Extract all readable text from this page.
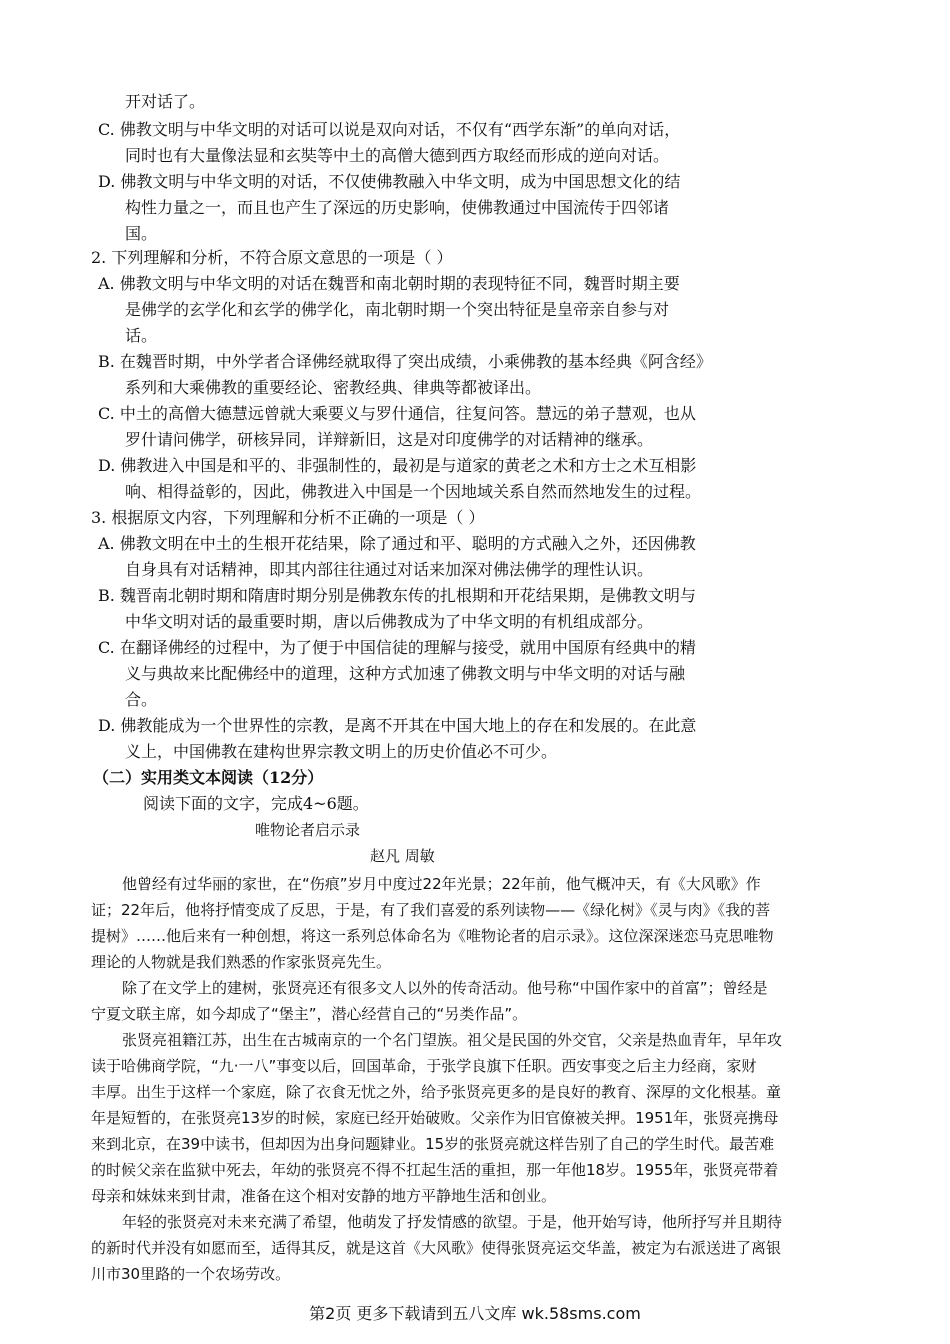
开对话了。
C. 佛教文明与中华文明的对话可以说是双向对话，不仅有“西学东渐”的单向对话，
同时也有大量像法显和玄奘等中土的高僧大德到西方取经而形成的逆向对话。
D. 佛教文明与中华文明的对话，不仅使佛教融入中华文明，成为中国思想文化的结
构性力量之一，而且也产生了深远的历史影响，使佛教通过中国流传于四邻诸
国。
2. 下列理解和分析，不符合原文意思的一项是（ ）
A. 佛教文明与中华文明的对话在魏晋和南北朝时期的表现特征不同，魏晋时期主要
是佛学的玄学化和玄学的佛学化，南北朝时期一个突出特征是皇帝亲自参与对
话。
B. 在魏晋时期，中外学者合译佛经就取得了突出成绩，小乘佛教的基本经典《阿含经》
系列和大乘佛教的重要经论、密教经典、律典等都被译出。
C. 中土的高僧大德慧远曾就大乘要义与罗什通信，往复问答。慧远的弟子慧观，也从
罗什请问佛学，研核异同，详辩新旧，这是对印度佛学的对话精神的继承。
D. 佛教进入中国是和平的、非强制性的，最初是与道家的黄老之术和方士之术互相影
响、相得益彰的，因此，佛教进入中国是一个因地域关系自然而然地发生的过程。
3. 根据原文内容，下列理解和分析不正确的一项是（ ）
A. 佛教文明在中土的生根开花结果，除了通过和平、聪明的方式融入之外，还因佛教
自身具有对话精神，即其内部往往通过对话来加深对佛法佛学的理性认识。
B. 魏晋南北朝时期和隋唐时期分别是佛教东传的扎根期和开花结果期，是佛教文明与
中华文明对话的最重要时期，唐以后佛教成为了中华文明的有机组成部分。
C. 在翻译佛经的过程中，为了便于中国信徒的理解与接受，就用中国原有经典中的精
义与典故来比配佛经中的道理，这种方式加速了佛教文明与中华文明的对话与融
合。
D. 佛教能成为一个世界性的宗教，是离不开其在中国大地上的存在和发展的。在此意
义上，中国佛教在建构世界宗教文明上的历史价值必不可少。
（二）实用类文本阅读（12分）
阅读下面的文字，完成4~6题。
唯物论者启示录
赵凡 周敏
他曾经有过华丽的家世，在“伤痕”岁月中度过22年光景；22年前，他气概冲天，有《大风歌》作
证；22年后，他将抒情变成了反思，于是，有了我们喜爱的系列读物——《绿化树》《灵与肉》《我的菩
提树》……他后来有一种创想，将这一系列总体命名为《唯物论者的启示录》。这位深深迷恋马克思唯物
理论的人物就是我们熟悉的作家张贤亮先生。
除了在文学上的建树，张贤亮还有很多文人以外的传奇活动。他号称“中国作家中的首富”；曾经是
宁夏文联主席，如今却成了“堡主”，潜心经营自己的“另类作品”。
张贤亮祖籍江苏，出生在古城南京的一个名门望族。祖父是民国的外交官，父亲是热血青年，早年攻
读于哈佛商学院，“九·一八”事变以后，回国革命，于张学良旗下任职。西安事变之后主力经商，家财
丰厚。出生于这样一个家庭，除了衣食无忧之外，给予张贤亮更多的是良好的教育、深厚的文化根基。童
年是短暂的，在张贤亮13岁的时候，家庭已经开始破败。父亲作为旧官僚被关押。1951年，张贤亮携母
来到北京，在39中读书，但却因为出身问题肄业。15岁的张贤亮就这样告别了自己的学生时代。最苦难
的时候父亲在监狱中死去，年幼的张贤亮不得不扛起生活的重担，那一年他18岁。1955年，张贤亮带着
母亲和妹妹来到甘肃，准备在这个相对安静的地方平静地生活和创业。
年轻的张贤亮对未来充满了希望，他萌发了抒发情感的欲望。于是，他开始写诗，他所抒写并且期待
的新时代并没有如愿而至，适得其反，就是这首《大风歌》使得张贤亮运交华盖，被定为右派送进了离银
川市30里路的一个农场劳改。
第2页 更多下载请到五八文库 wk.58sms.com
